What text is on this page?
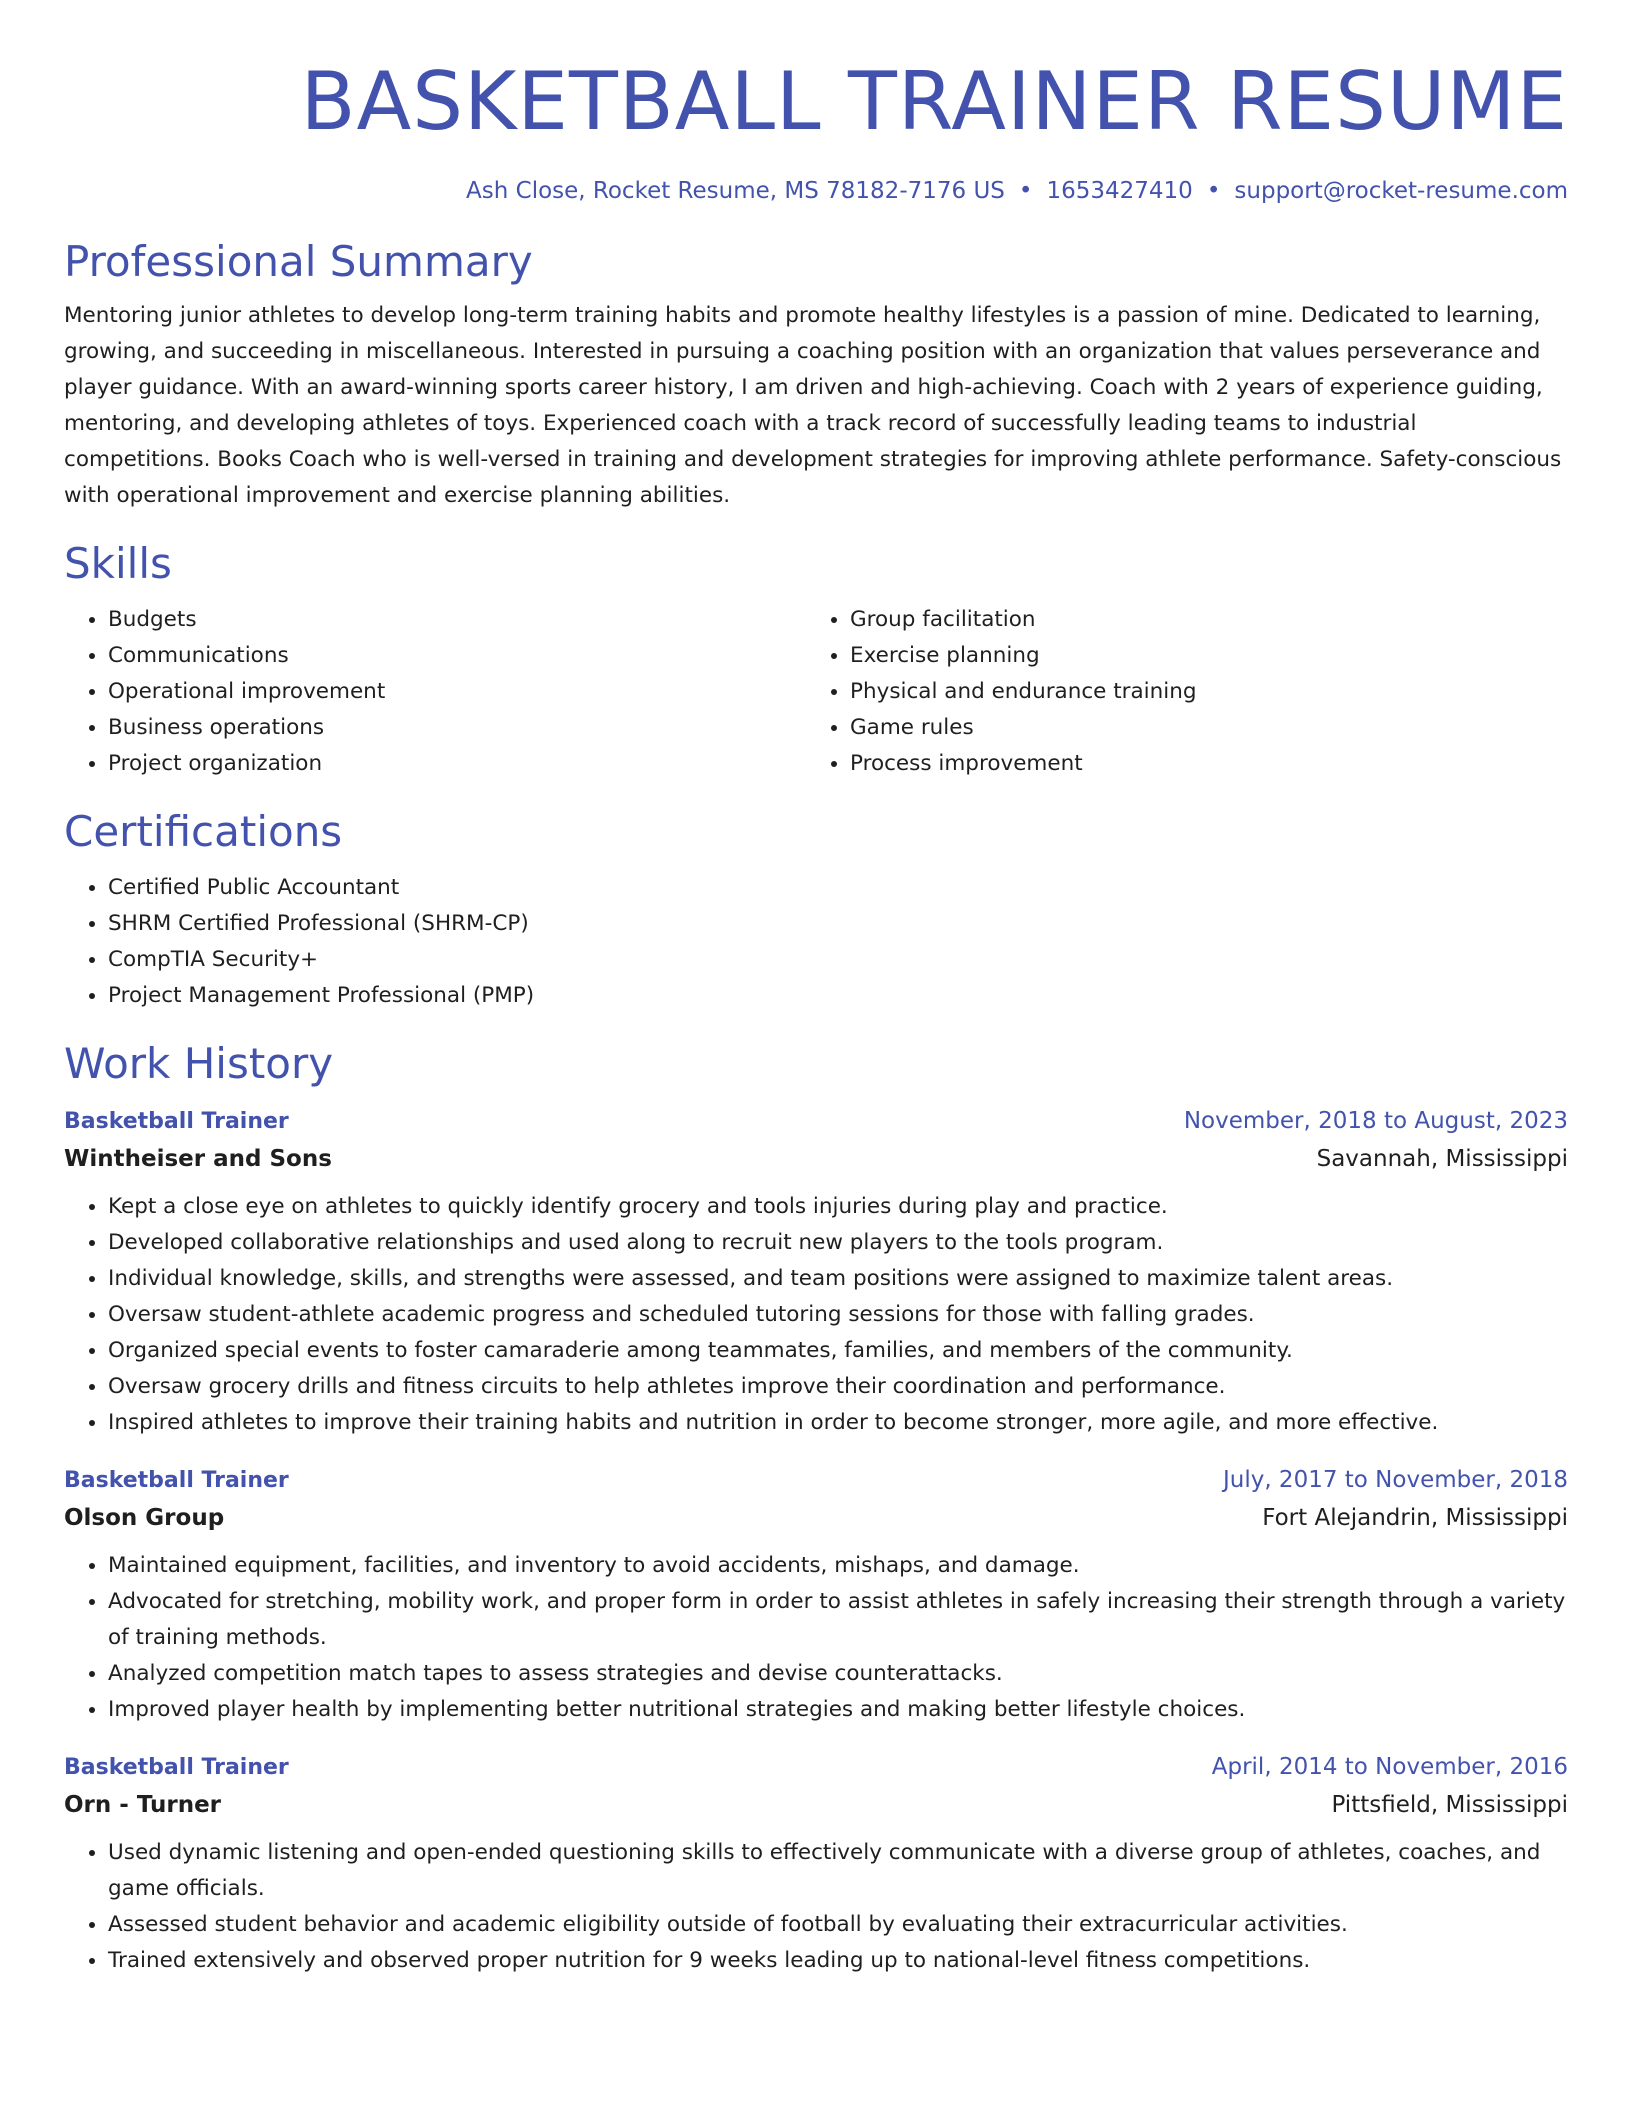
BASKETBALL TRAINER RESUME
Ash Close, Rocket Resume, MS 78182-7176 US • 1653427410 • support@rocket-resume.com
Professional Summary

Mentoring junior athletes to develop long-term training habits and promote healthy lifestyles is a passion of mine. Dedicated to learning, growing, and succeeding in miscellaneous. Interested in pursuing a coaching position with an organization that values perseverance and player guidance. With an award-winning sports career history, I am driven and high-achieving. Coach with 2 years of experience guiding, mentoring, and developing athletes of toys. Experienced coach with a track record of successfully leading teams to industrial competitions. Books Coach who is well-versed in training and development strategies for improving athlete performance. Safety-conscious with operational improvement and exercise planning abilities.

Skills
• Budgets
• Communications
• Operational improvement
• Business operations
• Project organization
• Group facilitation
• Exercise planning
• Physical and endurance training
• Game rules
• Process improvement
Certifications
• Certified Public Accountant
• SHRM Certified Professional (SHRM-CP)
• CompTIA Security+
• Project Management Professional (PMP)
Work History
Basketball Trainer	November, 2018 to August, 2023
Wintheiser and Sons	Savannah, Mississippi
• Kept a close eye on athletes to quickly identify grocery and tools injuries during play and practice.
• Developed collaborative relationships and used along to recruit new players to the tools program.
• Individual knowledge, skills, and strengths were assessed, and team positions were assigned to maximize talent areas.
• Oversaw student-athlete academic progress and scheduled tutoring sessions for those with falling grades.
• Organized special events to foster camaraderie among teammates, families, and members of the community.
• Oversaw grocery drills and fitness circuits to help athletes improve their coordination and performance.
• Inspired athletes to improve their training habits and nutrition in order to become stronger, more agile, and more effective.
Basketball Trainer	July, 2017 to November, 2018
Olson Group	Fort Alejandrin, Mississippi
• Maintained equipment, facilities, and inventory to avoid accidents, mishaps, and damage.
• Advocated for stretching, mobility work, and proper form in order to assist athletes in safely increasing their strength through a variety of training methods.
• Analyzed competition match tapes to assess strategies and devise counterattacks.
• Improved player health by implementing better nutritional strategies and making better lifestyle choices.
Basketball Trainer	April, 2014 to November, 2016
Orn - Turner	Pittsfield, Mississippi
• Used dynamic listening and open-ended questioning skills to effectively communicate with a diverse group of athletes, coaches, and game officials.
• Assessed student behavior and academic eligibility outside of football by evaluating their extracurricular activities.
• Trained extensively and observed proper nutrition for 9 weeks leading up to national-level fitness competitions.
